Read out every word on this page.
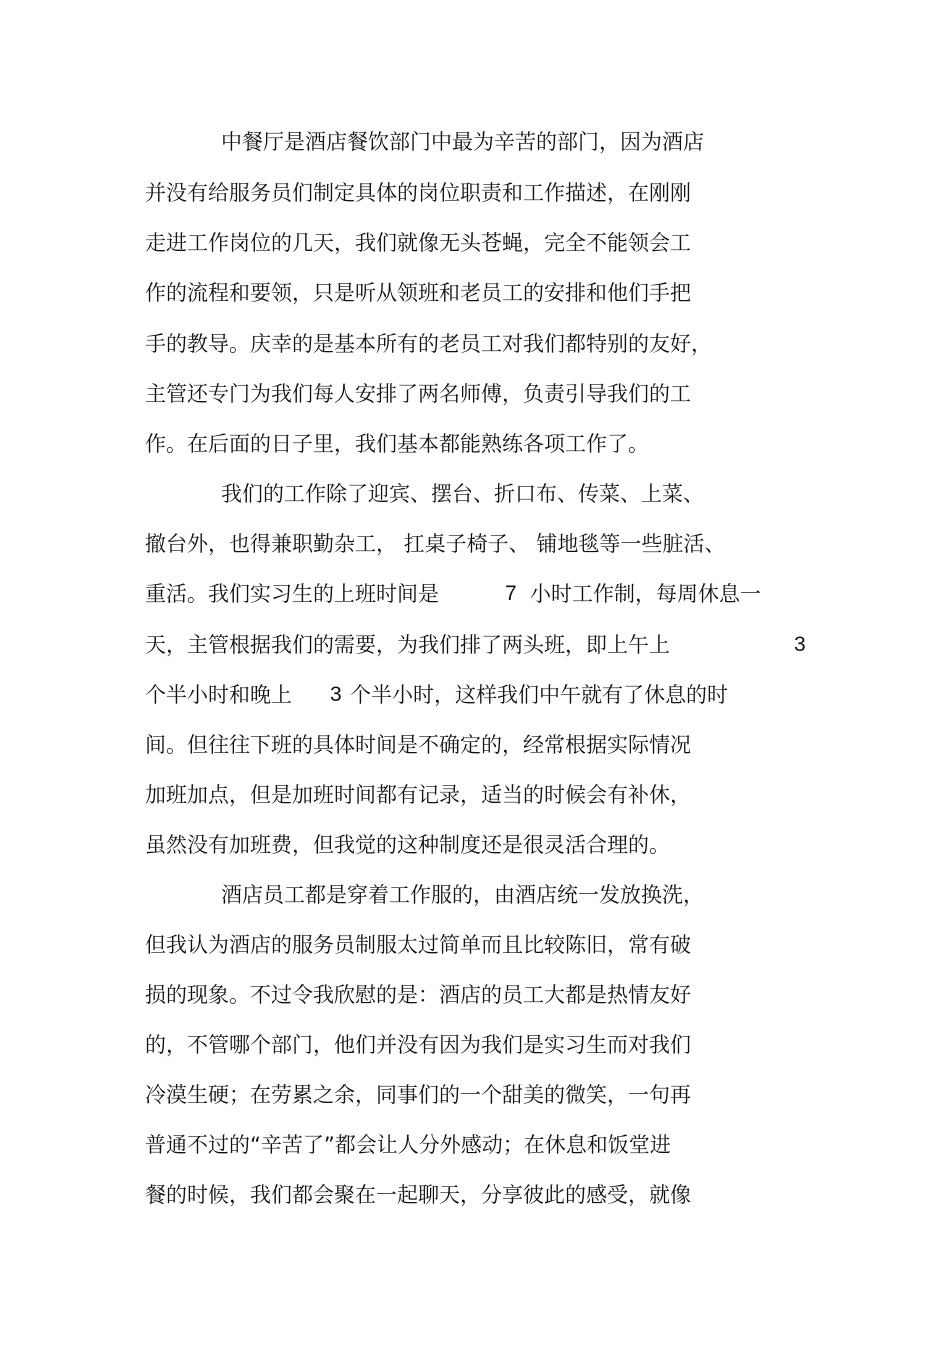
中餐厅是酒店餐饮部门中最为辛苦的部门，因为酒店
并没有给服务员们制定具体的岗位职责和工作描述，在刚刚
走进工作岗位的几天，我们就像无头苍蝇，完全不能领会工
作的流程和要领，只是听从领班和老员工的安排和他们手把
手的教导。庆幸的是基本所有的老员工对我们都特别的友好，
主管还专门为我们每人安排了两名师傅，负责引导我们的工
作。在后面的日子里，我们基本都能熟练各项工作了。
我们的工作除了迎宾、摆台、折口布、传菜、上菜、
撤台外，也得兼职勤杂工， 扛桌子椅子、 铺地毯等一些脏活、
重活。我们实习生的上班时间是	7 小时工作制，每周休息一
天，主管根据我们的需要，为我们排了两头班，即上午上	3
个半小时和晚上 3 个半小时，这样我们中午就有了休息的时
间。但往往下班的具体时间是不确定的，经常根据实际情况
加班加点，但是加班时间都有记录，适当的时候会有补休，
虽然没有加班费，但我觉的这种制度还是很灵活合理的。
酒店员工都是穿着工作服的，由酒店统一发放换洗，
但我认为酒店的服务员制服太过简单而且比较陈旧，常有破
损的现象。不过令我欣慰的是：酒店的员工大都是热情友好
的，不管哪个部门，他们并没有因为我们是实习生而对我们
冷漠生硬；在劳累之余，同事们的一个甜美的微笑，一句再
普通不过的“辛苦了”都会让人分外感动；在休息和饭堂进
餐的时候，我们都会聚在一起聊天，分享彼此的感受，就像
